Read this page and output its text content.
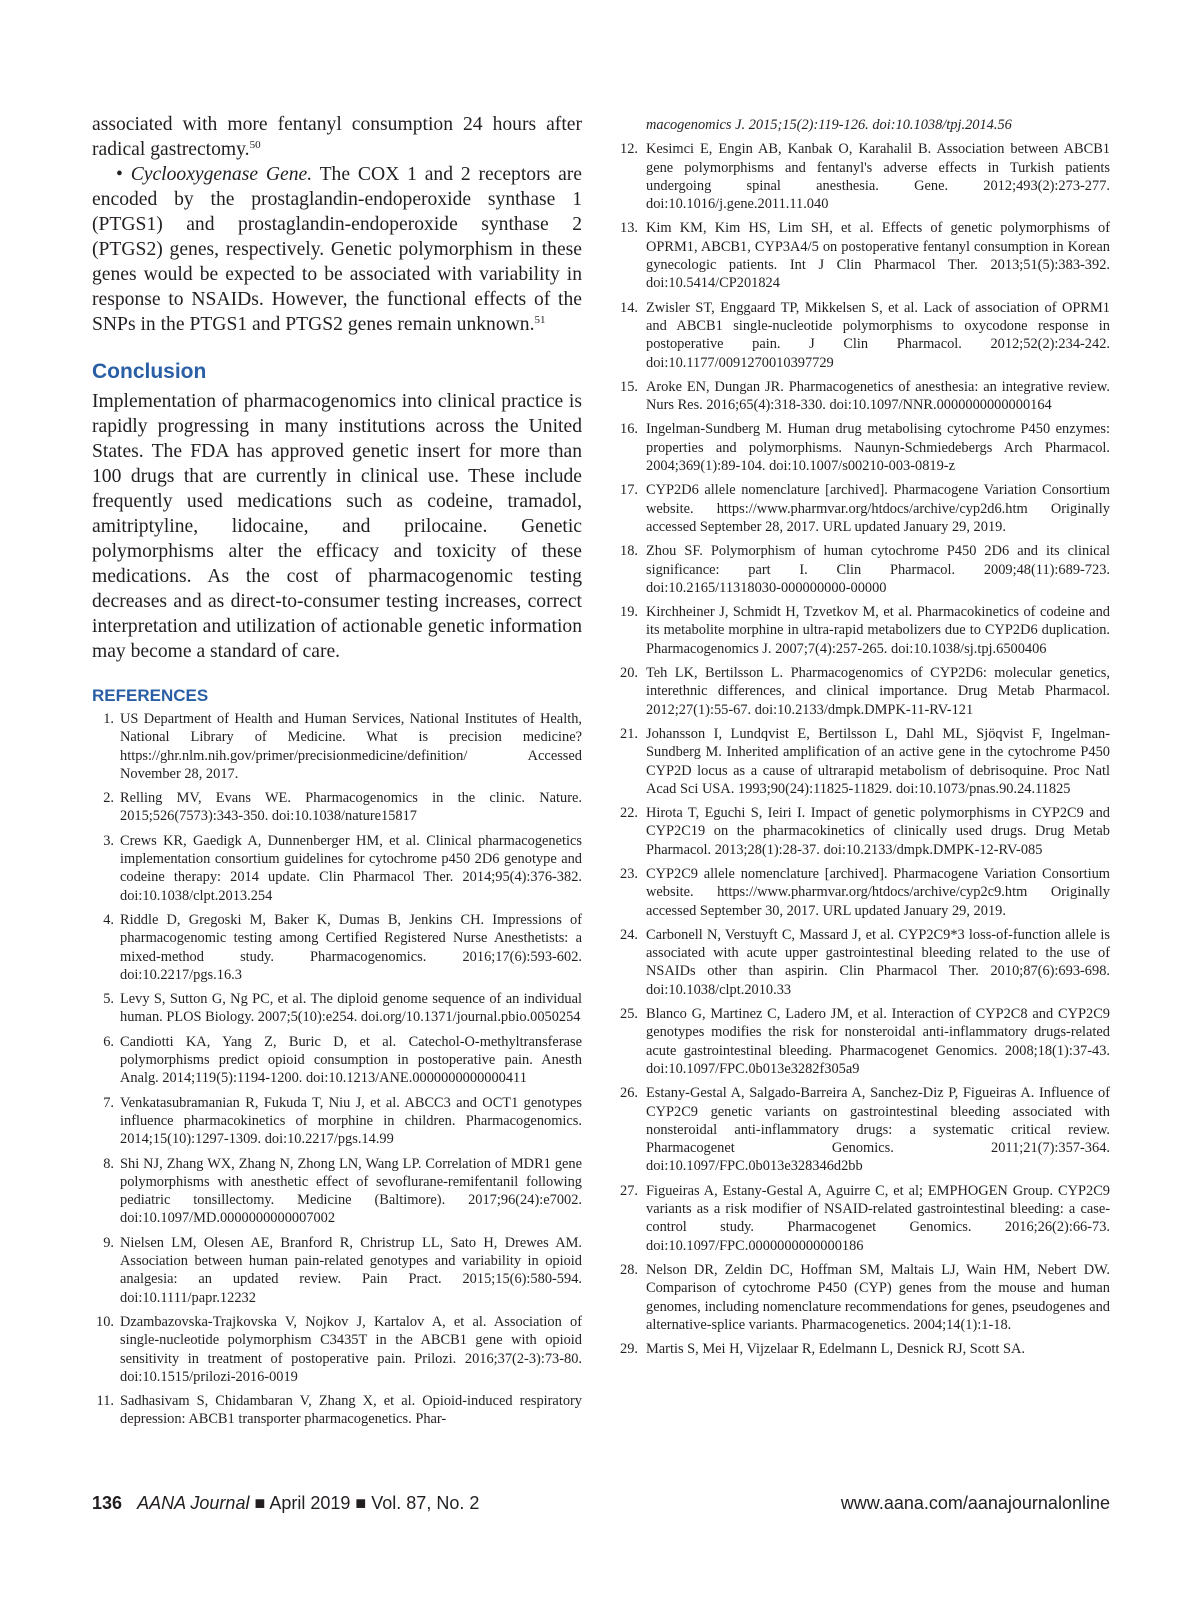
associated with more fentanyl consumption 24 hours after radical gastrectomy.$^{50}$

• Cyclooxygenase Gene. The COX 1 and 2 receptors are encoded by the prostaglandin-endoperoxide synthase 1 (PTGS1) and prostaglandin-endoperoxide synthase 2 (PTGS2) genes, respectively. Genetic polymorphism in these genes would be expected to be associated with variability in response to NSAIDs. However, the functional effects of the SNPs in the PTGS1 and PTGS2 genes remain unknown.$^{51}$

Conclusion
Implementation of pharmacogenomics into clinical practice is rapidly progressing in many institutions across the United States. The FDA has approved genetic insert for more than 100 drugs that are currently in clinical use. These include frequently used medications such as codeine, tramadol, amitriptyline, lidocaine, and prilocaine. Genetic polymorphisms alter the efficacy and toxicity of these medications. As the cost of pharmacogenomic testing decreases and as direct-to-consumer testing increases, correct interpretation and utilization of actionable genetic information may become a standard of care.
REFERENCES
1. US Department of Health and Human Services, National Institutes of Health, National Library of Medicine. What is precision medicine? https://ghr.nlm.nih.gov/primer/precisionmedicine/definition/ Accessed November 28, 2017.
2. Relling MV, Evans WE. Pharmacogenomics in the clinic. Nature. 2015;526(7573):343-350. doi:10.1038/nature15817
3. Crews KR, Gaedigk A, Dunnenberger HM, et al. Clinical pharmacogenetics implementation consortium guidelines for cytochrome p450 2D6 genotype and codeine therapy: 2014 update. Clin Pharmacol Ther. 2014;95(4):376-382. doi:10.1038/clpt.2013.254
4. Riddle D, Gregoski M, Baker K, Dumas B, Jenkins CH. Impressions of pharmacogenomic testing among Certified Registered Nurse Anesthetists: a mixed-method study. Pharmacogenomics. 2016;17(6):593-602. doi:10.2217/pgs.16.3
5. Levy S, Sutton G, Ng PC, et al. The diploid genome sequence of an individual human. PLOS Biology. 2007;5(10):e254. doi.org/10.1371/journal.pbio.0050254
6. Candiotti KA, Yang Z, Buric D, et al. Catechol-O-methyltransferase polymorphisms predict opioid consumption in postoperative pain. Anesth Analg. 2014;119(5):1194-1200. doi:10.1213/ANE.0000000000000411
7. Venkatasubramanian R, Fukuda T, Niu J, et al. ABCC3 and OCT1 genotypes influence pharmacokinetics of morphine in children. Pharmacogenomics. 2014;15(10):1297-1309. doi:10.2217/pgs.14.99
8. Shi NJ, Zhang WX, Zhang N, Zhong LN, Wang LP. Correlation of MDR1 gene polymorphisms with anesthetic effect of sevoflurane-remifentanil following pediatric tonsillectomy. Medicine (Baltimore). 2017;96(24):e7002. doi:10.1097/MD.0000000000007002
9. Nielsen LM, Olesen AE, Branford R, Christrup LL, Sato H, Drewes AM. Association between human pain-related genotypes and variability in opioid analgesia: an updated review. Pain Pract. 2015;15(6):580-594. doi:10.1111/papr.12232
10. Dzambazovska-Trajkovska V, Nojkov J, Kartalov A, et al. Association of single-nucleotide polymorphism C3435T in the ABCB1 gene with opioid sensitivity in treatment of postoperative pain. Prilozi. 2016;37(2-3):73-80. doi:10.1515/prilozi-2016-0019
11. Sadhasivam S, Chidambaran V, Zhang X, et al. Opioid-induced respiratory depression: ABCB1 transporter pharmacogenetics. Phar-
macogenomics J. 2015;15(2):119-126. doi:10.1038/tpj.2014.56
12. Kesimci E, Engin AB, Kanbak O, Karahalil B. Association between ABCB1 gene polymorphisms and fentanyl's adverse effects in Turkish patients undergoing spinal anesthesia. Gene. 2012;493(2):273-277. doi:10.1016/j.gene.2011.11.040
13. Kim KM, Kim HS, Lim SH, et al. Effects of genetic polymorphisms of OPRM1, ABCB1, CYP3A4/5 on postoperative fentanyl consumption in Korean gynecologic patients. Int J Clin Pharmacol Ther. 2013;51(5):383-392. doi:10.5414/CP201824
14. Zwisler ST, Enggaard TP, Mikkelsen S, et al. Lack of association of OPRM1 and ABCB1 single-nucleotide polymorphisms to oxycodone response in postoperative pain. J Clin Pharmacol. 2012;52(2):234-242. doi:10.1177/0091270010397729
15. Aroke EN, Dungan JR. Pharmacogenetics of anesthesia: an integrative review. Nurs Res. 2016;65(4):318-330. doi:10.1097/NNR.0000000000000164
16. Ingelman-Sundberg M. Human drug metabolising cytochrome P450 enzymes: properties and polymorphisms. Naunyn-Schmiedebergs Arch Pharmacol. 2004;369(1):89-104. doi:10.1007/s00210-003-0819-z
17. CYP2D6 allele nomenclature [archived]. Pharmacogene Variation Consortium website. https://www.pharmvar.org/htdocs/archive/cyp2d6.htm Originally accessed September 28, 2017. URL updated January 29, 2019.
18. Zhou SF. Polymorphism of human cytochrome P450 2D6 and its clinical significance: part I. Clin Pharmacol. 2009;48(11):689-723. doi:10.2165/11318030-000000000-00000
19. Kirchheiner J, Schmidt H, Tzvetkov M, et al. Pharmacokinetics of codeine and its metabolite morphine in ultra-rapid metabolizers due to CYP2D6 duplication. Pharmacogenomics J. 2007;7(4):257-265. doi:10.1038/sj.tpj.6500406
20. Teh LK, Bertilsson L. Pharmacogenomics of CYP2D6: molecular genetics, interethnic differences, and clinical importance. Drug Metab Pharmacol. 2012;27(1):55-67. doi:10.2133/dmpk.DMPK-11-RV-121
21. Johansson I, Lundqvist E, Bertilsson L, Dahl ML, Sjöqvist F, Ingelman-Sundberg M. Inherited amplification of an active gene in the cytochrome P450 CYP2D locus as a cause of ultrarapid metabolism of debrisoquine. Proc Natl Acad Sci USA. 1993;90(24):11825-11829. doi:10.1073/pnas.90.24.11825
22. Hirota T, Eguchi S, Ieiri I. Impact of genetic polymorphisms in CYP2C9 and CYP2C19 on the pharmacokinetics of clinically used drugs. Drug Metab Pharmacol. 2013;28(1):28-37. doi:10.2133/dmpk.DMPK-12-RV-085
23. CYP2C9 allele nomenclature [archived]. Pharmacogene Variation Consortium website. https://www.pharmvar.org/htdocs/archive/cyp2c9.htm Originally accessed September 30, 2017. URL updated January 29, 2019.
24. Carbonell N, Verstuyft C, Massard J, et al. CYP2C9*3 loss-of-function allele is associated with acute upper gastrointestinal bleeding related to the use of NSAIDs other than aspirin. Clin Pharmacol Ther. 2010;87(6):693-698. doi:10.1038/clpt.2010.33
25. Blanco G, Martinez C, Ladero JM, et al. Interaction of CYP2C8 and CYP2C9 genotypes modifies the risk for nonsteroidal anti-inflammatory drugs-related acute gastrointestinal bleeding. Pharmacogenet Genomics. 2008;18(1):37-43. doi:10.1097/FPC.0b013e3282f305a9
26. Estany-Gestal A, Salgado-Barreira A, Sanchez-Diz P, Figueiras A. Influence of CYP2C9 genetic variants on gastrointestinal bleeding associated with nonsteroidal anti-inflammatory drugs: a systematic critical review. Pharmacogenet Genomics. 2011;21(7):357-364. doi:10.1097/FPC.0b013e328346d2bb
27. Figueiras A, Estany-Gestal A, Aguirre C, et al; EMPHOGEN Group. CYP2C9 variants as a risk modifier of NSAID-related gastrointestinal bleeding: a case-control study. Pharmacogenet Genomics. 2016;26(2):66-73. doi:10.1097/FPC.0000000000000186
28. Nelson DR, Zeldin DC, Hoffman SM, Maltais LJ, Wain HM, Nebert DW. Comparison of cytochrome P450 (CYP) genes from the mouse and human genomes, including nomenclature recommendations for genes, pseudogenes and alternative-splice variants. Pharmacogenetics. 2004;14(1):1-18.
29. Martis S, Mei H, Vijzelaar R, Edelmann L, Desnick RJ, Scott SA.
136 AANA Journal ■ April 2019 ■ Vol. 87, No. 2	www.aana.com/aanajournalonline
